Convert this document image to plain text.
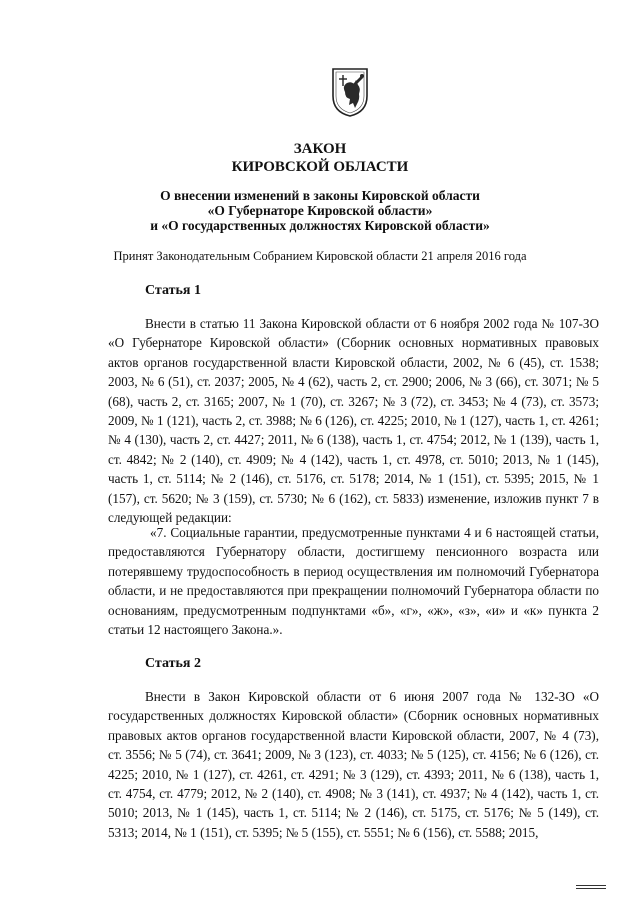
ЗАКОН
КИРОВСКОЙ ОБЛАСТИ
О внесении изменений в законы Кировской области
«О Губернаторе Кировской области»
и «О государственных должностях Кировской области»
Принят Законодательным Собранием Кировской области 21 апреля 2016 года
Статья 1

Внести в статью 11 Закона Кировской области от 6 ноября 2002 года № 107-ЗО «О Губернаторе Кировской области» (Сборник основных нормативных правовых актов органов государственной власти Кировской области, 2002, № 6 (45), ст. 1538; 2003, № 6 (51), ст. 2037; 2005, № 4 (62), часть 2, ст. 2900; 2006, № 3 (66), ст. 3071; № 5 (68), часть 2, ст. 3165; 2007, № 1 (70), ст. 3267; № 3 (72), ст. 3453; № 4 (73), ст. 3573; 2009, № 1 (121), часть 2, ст. 3988; № 6 (126), ст. 4225; 2010, № 1 (127), часть 1, ст. 4261; № 4 (130), часть 2, ст. 4427; 2011, № 6 (138), часть 1, ст. 4754; 2012, № 1 (139), часть 1, ст. 4842; № 2 (140), ст. 4909; № 4 (142), часть 1, ст. 4978, ст. 5010; 2013, № 1 (145), часть 1, ст. 5114; № 2 (146), ст. 5176, ст. 5178; 2014, № 1 (151), ст. 5395; 2015, № 1 (157), ст. 5620; № 3 (159), ст. 5730; № 6 (162), ст. 5833) изменение, изложив пункт 7 в следующей редакции:

«7. Социальные гарантии, предусмотренные пунктами 4 и 6 настоящей статьи, предоставляются Губернатору области, достигшему пенсионного возраста или потерявшему трудоспособность в период осуществления им полномочий Губернатора области, и не предоставляются при прекращении полномочий Губернатора области по основаниям, предусмотренным подпунктами «б», «г», «ж», «з», «и» и «к» пункта 2 статьи 12 настоящего Закона.».

Статья 2

Внести в Закон Кировской области от 6 июня 2007 года № 132-ЗО «О государственных должностях Кировской области» (Сборник основных нормативных правовых актов органов государственной власти Кировской области, 2007, № 4 (73), ст. 3556; № 5 (74), ст. 3641; 2009, № 3 (123), ст. 4033; № 5 (125), ст. 4156; № 6 (126), ст. 4225; 2010, № 1 (127), ст. 4261, ст. 4291; № 3 (129), ст. 4393; 2011, № 6 (138), часть 1, ст. 4754, ст. 4779; 2012, № 2 (140), ст. 4908; № 3 (141), ст. 4937; № 4 (142), часть 1, ст. 5010; 2013, № 1 (145), часть 1, ст. 5114; № 2 (146), ст. 5175, ст. 5176; № 5 (149), ст. 5313; 2014, № 1 (151), ст. 5395; № 5 (155), ст. 5551; № 6 (156), ст. 5588; 2015,
